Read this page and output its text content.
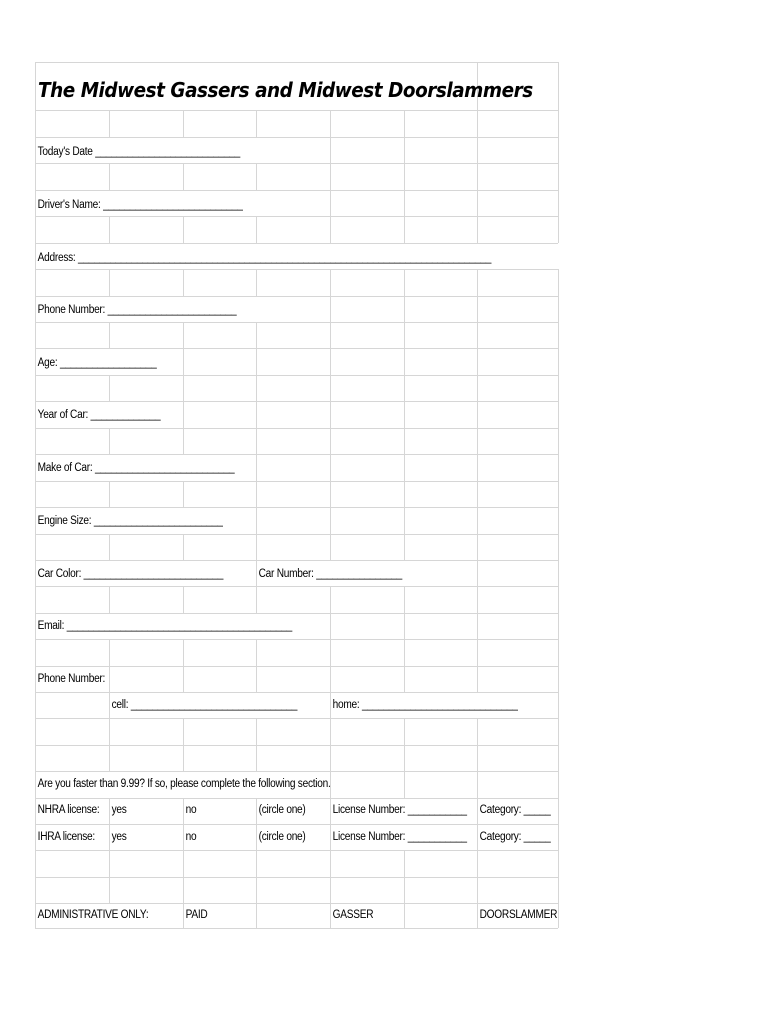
The Midwest Gassers and Midwest Doorslammers
Today's Date ___________________________
Driver's Name: __________________________
Address: _____________________________________________________________________________
Phone Number: ________________________
Age: __________________
Year of Car: _____________
Make of Car: __________________________
Engine Size: ________________________
Car Color: __________________________	Car Number: ________________
Email: __________________________________________
Phone Number:
cell: _______________________________	home: _____________________________
Are you faster than 9.99? If so, please complete the following section.
NHRA license: yes	no	(circle one) License Number: ___________ Category: _____
IHRA license: yes	no	(circle one) License Number: ___________ Category: _____
ADMINISTRATIVE ONLY:	PAID	GASSER	DOORSLAMMER
